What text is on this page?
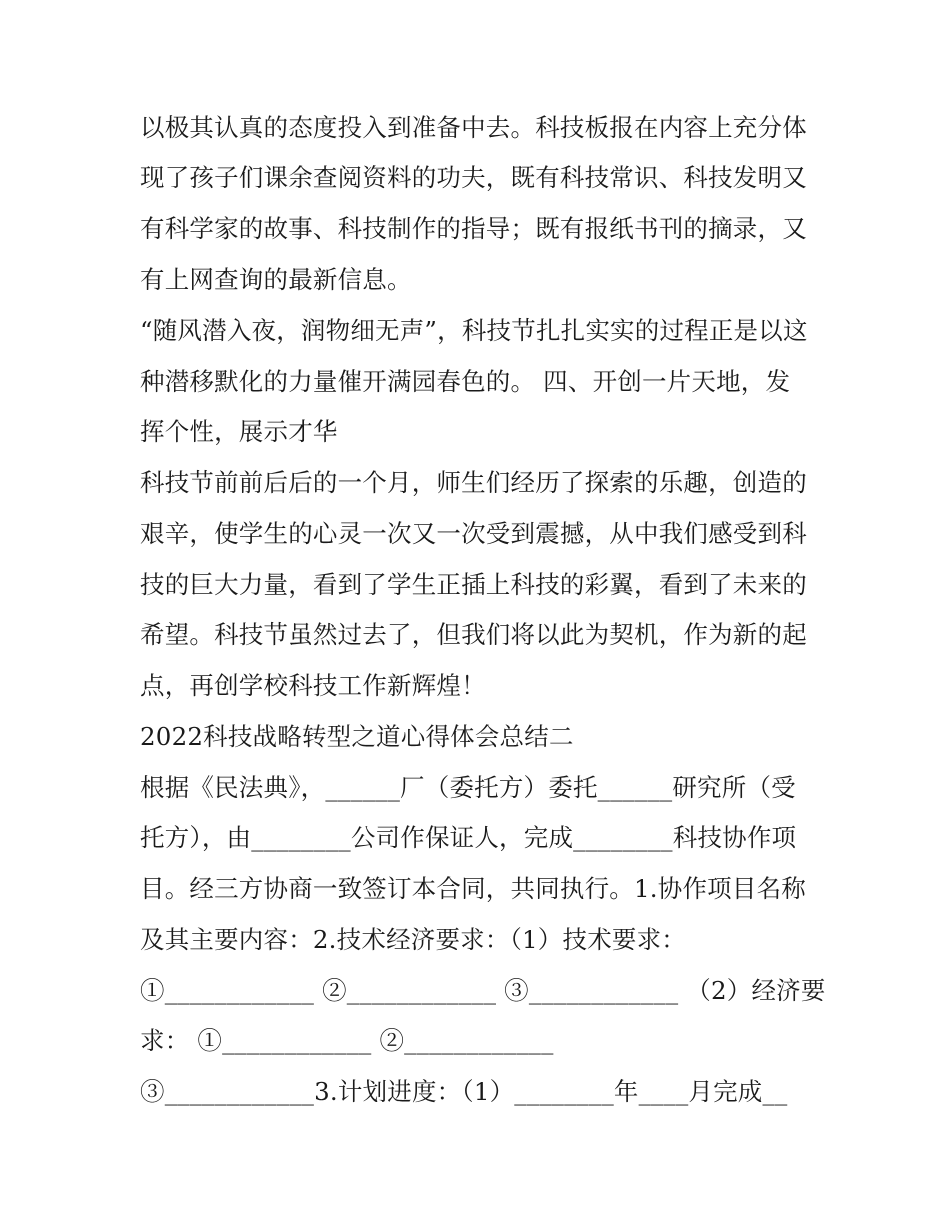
以极其认真的态度投入到准备中去。科技板报在内容上充分体
现了孩子们课余查阅资料的功夫，既有科技常识、科技发明又
有科学家的故事、科技制作的指导；既有报纸书刊的摘录，又
有上网查询的最新信息。
“随风潜入夜，润物细无声”，科技节扎扎实实的过程正是以这
种潜移默化的力量催开满园春色的。 四、开创一片天地，发
挥个性，展示才华
科技节前前后后的一个月，师生们经历了探索的乐趣，创造的
艰辛，使学生的心灵一次又一次受到震撼，从中我们感受到科
技的巨大力量，看到了学生正插上科技的彩翼，看到了未来的
希望。科技节虽然过去了，但我们将以此为契机，作为新的起
点，再创学校科技工作新辉煌！
2022科技战略转型之道心得体会总结二
根据《民法典》，______厂（委托方）委托______研究所（受
托方），由________公司作保证人，完成________科技协作项
目。经三方协商一致签订本合同，共同执行。1.协作项目名称
及其主要内容：2.技术经济要求：（1）技术要求：
①____________ ②____________ ③____________ （2）经济要
求： ①____________ ②____________
③____________3.计划进度：（1）________年____月完成__
